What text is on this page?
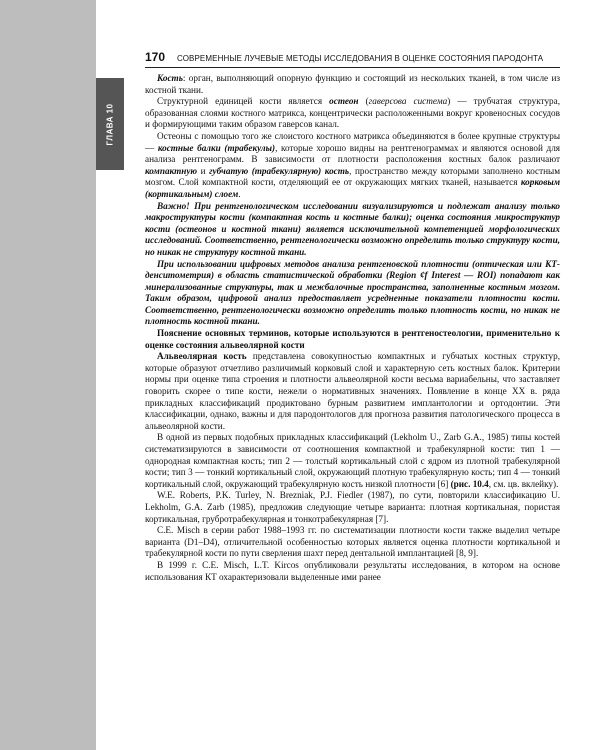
ГЛАВА 10
170 СОВРЕМЕННЫЕ ЛУЧЕВЫЕ МЕТОДЫ ИССЛЕДОВАНИЯ В ОЦЕНКЕ СОСТОЯНИЯ ПАРОДОНТА

Кость: орган, выполняющий опорную функцию и состоящий из нескольких тканей, в том числе из костной ткани.

Структурной единицей кости является остеон (гаверсова система) — трубчатая структура, образованная слоями костного матрикса, концентрически расположенными вокруг кровеносных сосудов и формирующими таким образом гаверсов канал.

Остеоны с помощью того же слоистого костного матрикса объединяются в более крупные структуры — костные балки (трабекулы), которые хорошо видны на рентгенограммах и являются основой для анализа рентгенограмм. В зависимости от плотности расположения костных балок различают компактную и губчатую (трабекулярную) кость, пространство между которыми заполнено костным мозгом. Слой компактной кости, отделяющий ее от окружающих мягких тканей, называется корковым (кортикальным) слоем.

Важно! При рентгенологическом исследовании визуализируются и подлежат анализу только макроструктуры кости (компактная кость и костные балки); оценка состояния микроструктур кости (остеонов и костной ткани) является исключительной компетенцией морфологических исследований. Соответственно, рентгенологически возможно определить только структуру кости, но никак не структуру костной ткани.

При использовании цифровых методов анализа рентгеновской плотности (оптическая или КТ-денситометрия) в область статистической обработки (Region ¢f Interest — ROI) попадают как минерализованные структуры, так и межбалочные пространства, заполненные костным мозгом. Таким образом, цифровой анализ предоставляет усредненные показатели плотности кости. Соответственно, рентгенологически возможно определить только плотность кости, но никак не плотность костной ткани.

Пояснение основных терминов, которые используются в рентгеностеологии, применительно к оценке состояния альвеолярной кости

Альвеолярная кость представлена совокупностью компактных и губчатых костных структур, которые образуют отчетливо различимый корковый слой и характерную сеть костных балок. Критерии нормы при оценке типа строения и плотности альвеолярной кости весьма вариабельны, что заставляет говорить скорее о типе кости, нежели о нормативных значениях. Появление в конце XX в. ряда прикладных классификаций продиктовано бурным развитием имплантологии и ортодонтии. Эти классификации, однако, важны и для пародонтологов для прогноза развития патологического процесса в альвеолярной кости.

В одной из первых подобных прикладных классификаций (Lekholm U., Zarb G.A., 1985) типы костей систематизируются в зависимости от соотношения компактной и трабекулярной кости: тип 1 — однородная компактная кость; тип 2 — толстый кортикальный слой с ядром из плотной трабекулярной кости; тип 3 — тонкий кортикальный слой, окружающий плотную трабекулярную кость; тип 4 — тонкий кортикальный слой, окружающий трабекулярную кость низкой плотности [6] (рис. 10.4, см. цв. вклейку).

W.E. Roberts, P.K. Turley, N. Brezniak, P.J. Fiedler (1987), по сути, повторили классификацию U. Lekholm, G.A. Zarb (1985), предложив следующие четыре варианта: плотная кортикальная, пористая кортикальная, грубротрабекулярная и тонкотрабекулярная [7].

C.E. Misch в серии работ 1988–1993 гг. по систематизации плотности кости также выделил четыре варианта (D1–D4), отличительной особенностью которых является оценка плотности кортикальной и трабекулярной кости по пути сверления шахт перед дентальной имплантацией [8, 9].

В 1999 г. C.E. Misch, L.T. Kircos опубликовали результаты исследования, в котором на основе использования КТ охарактеризовали выделенные ими ранее
